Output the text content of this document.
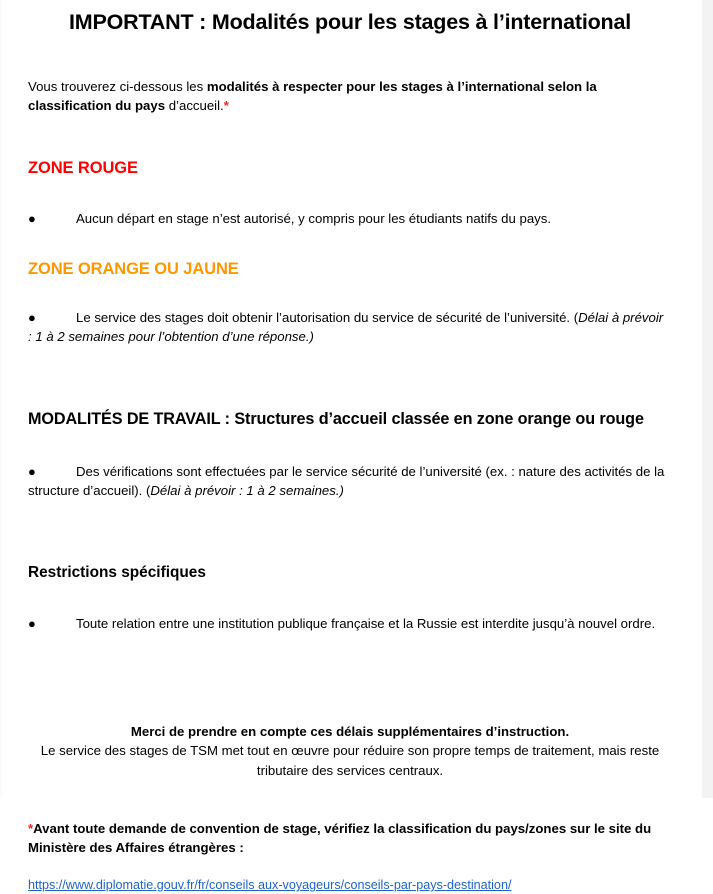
IMPORTANT : Modalités pour les stages à l’international

Vous trouverez ci-dessous les modalités à respecter pour les stages à l’international selon la classification du pays d’accueil.*

ZONE ROUGE

●	Aucun départ en stage n’est autorisé, y compris pour les étudiants natifs du pays.

ZONE ORANGE OU JAUNE

●	Le service des stages doit obtenir l’autorisation du service de sécurité de l’université. (Délai à prévoir : 1 à 2 semaines pour l’obtention d’une réponse.)

MODALITÉS DE TRAVAIL : Structures d’accueil classée en zone orange ou rouge

●	Des vérifications sont effectuées par le service sécurité de l’université (ex. : nature des activités de la structure d’accueil). (Délai à prévoir : 1 à 2 semaines.)

Restrictions spécifiques

●	Toute relation entre une institution publique française et la Russie est interdite jusqu’à nouvel ordre.

Merci de prendre en compte ces délais supplémentaires d’instruction.
Le service des stages de TSM met tout en œuvre pour réduire son propre temps de traitement, mais reste tributaire des services centraux.

*Avant toute demande de convention de stage, vérifiez la classification du pays/zones sur le site du Ministère des Affaires étrangères :

https://www.diplomatie.gouv.fr/fr/conseils aux-voyageurs/conseils-par-pays-destination/
